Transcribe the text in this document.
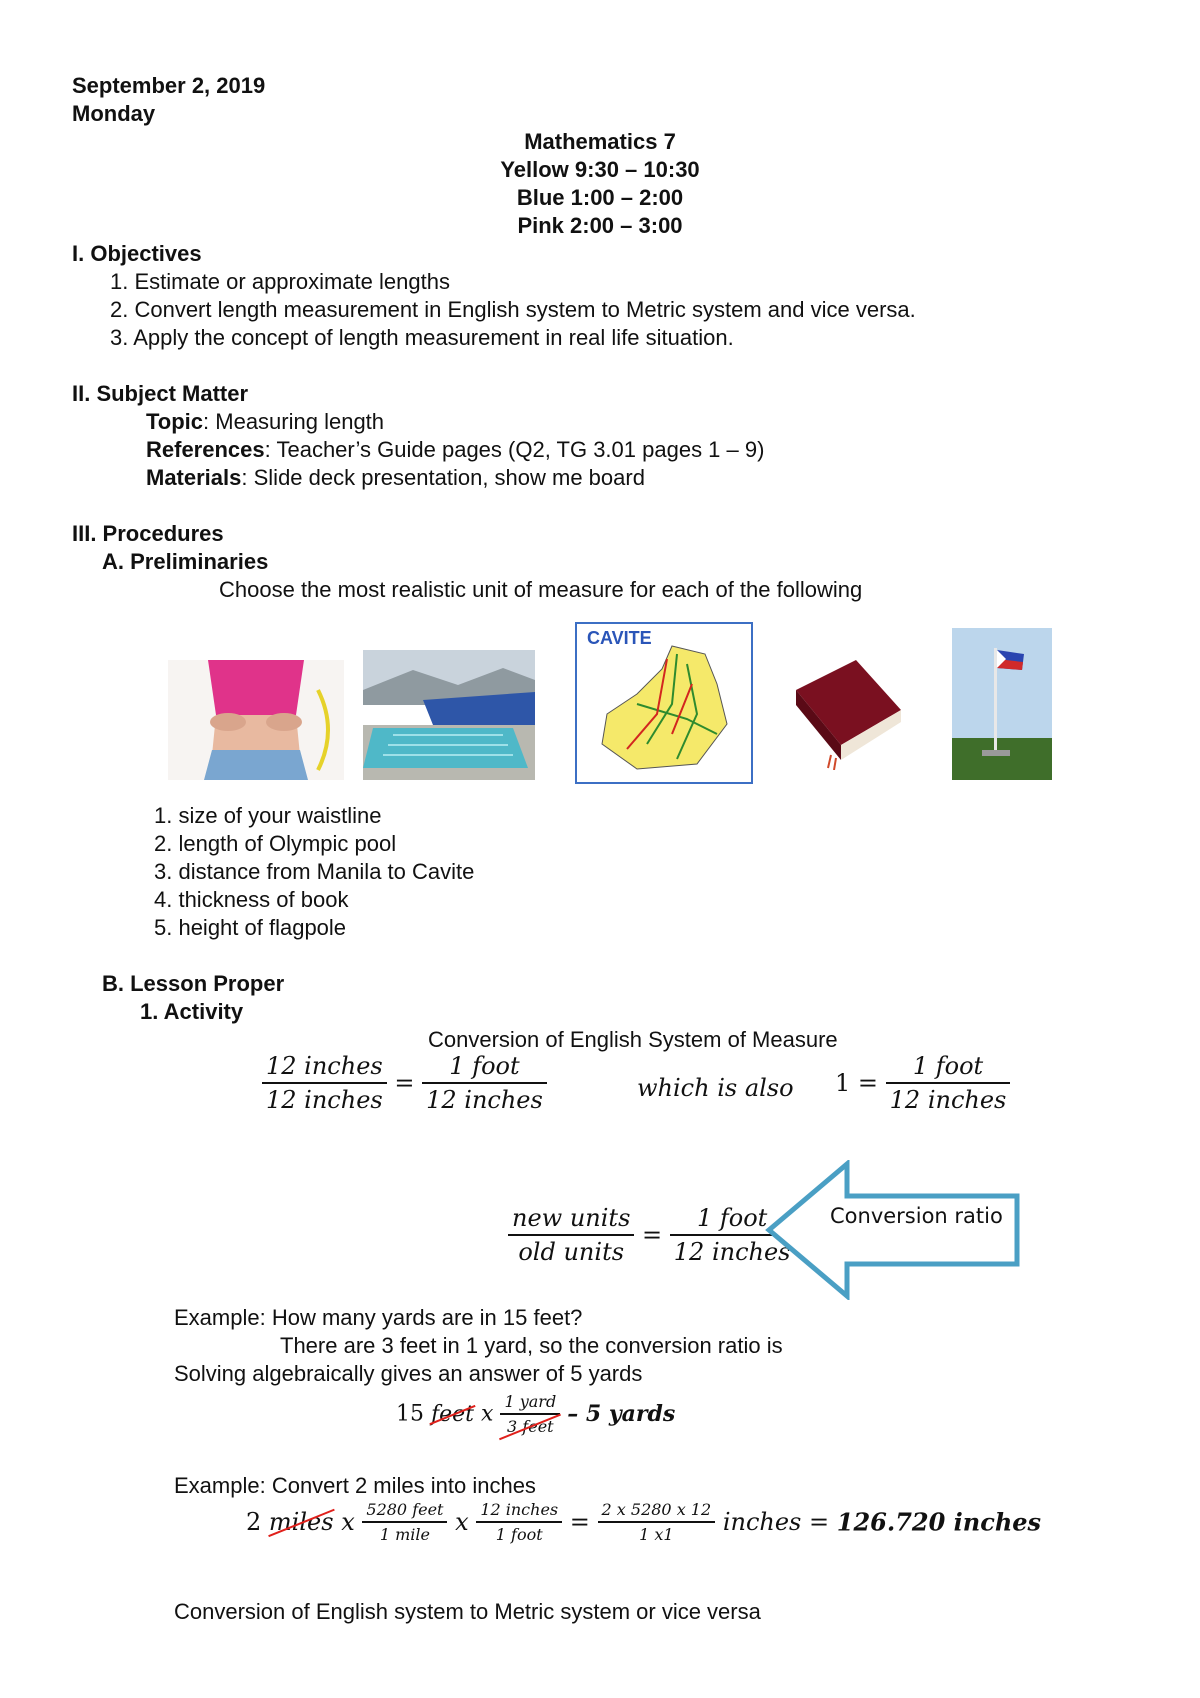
September 2, 2019
Monday
Mathematics 7
Yellow 9:30 – 10:30
Blue 1:00 – 2:00
Pink 2:00 – 3:00
I. Objectives
1. Estimate or approximate lengths
2. Convert length measurement in English system to Metric system and vice versa.
3. Apply the concept of length measurement in real life situation.
II. Subject Matter
Topic: Measuring length
References: Teacher’s Guide pages (Q2, TG 3.01 pages 1 – 9)
Materials: Slide deck presentation, show me board
III. Procedures
A. Preliminaries
Choose the most realistic unit of measure for each of the following
CAVITE
1. size of your waistline
2. length of Olympic pool
3. distance from Manila to Cavite
4. thickness of book
5. height of flagpole
B. Lesson Proper
1. Activity
Conversion of English System of Measure
$\frac{\text{12 inches}}{\text{12 inches}} = \frac{\text{1 foot}}{\text{12 inches}}$	which is also $1 = \frac{\text{1 foot}}{\text{12 inches}}$
$\frac{\text{new units}}{\text{old units}} = \frac{\text{1 foot}}{\text{12 inches}}$ Conversion ratio
Example: How many yards are in 15 feet?
There are 3 feet in 1 yard, so the conversion ratio is
Solving algebraically gives an answer of 5 yards
15 feet x $\frac{\text{1 yard}}{\text{3 feet}} - 5$ yards
Example: Convert 2 miles into inches
2 miles x $\frac{\text{5280 feet}}{\text{1 mile}}$ x $\frac{\text{12 inches}}{\text{1 foot}} = \frac{2 x 5280 x 12}{1 x1}$ inches = 126.720 inches
Conversion of English system to Metric system or vice versa
